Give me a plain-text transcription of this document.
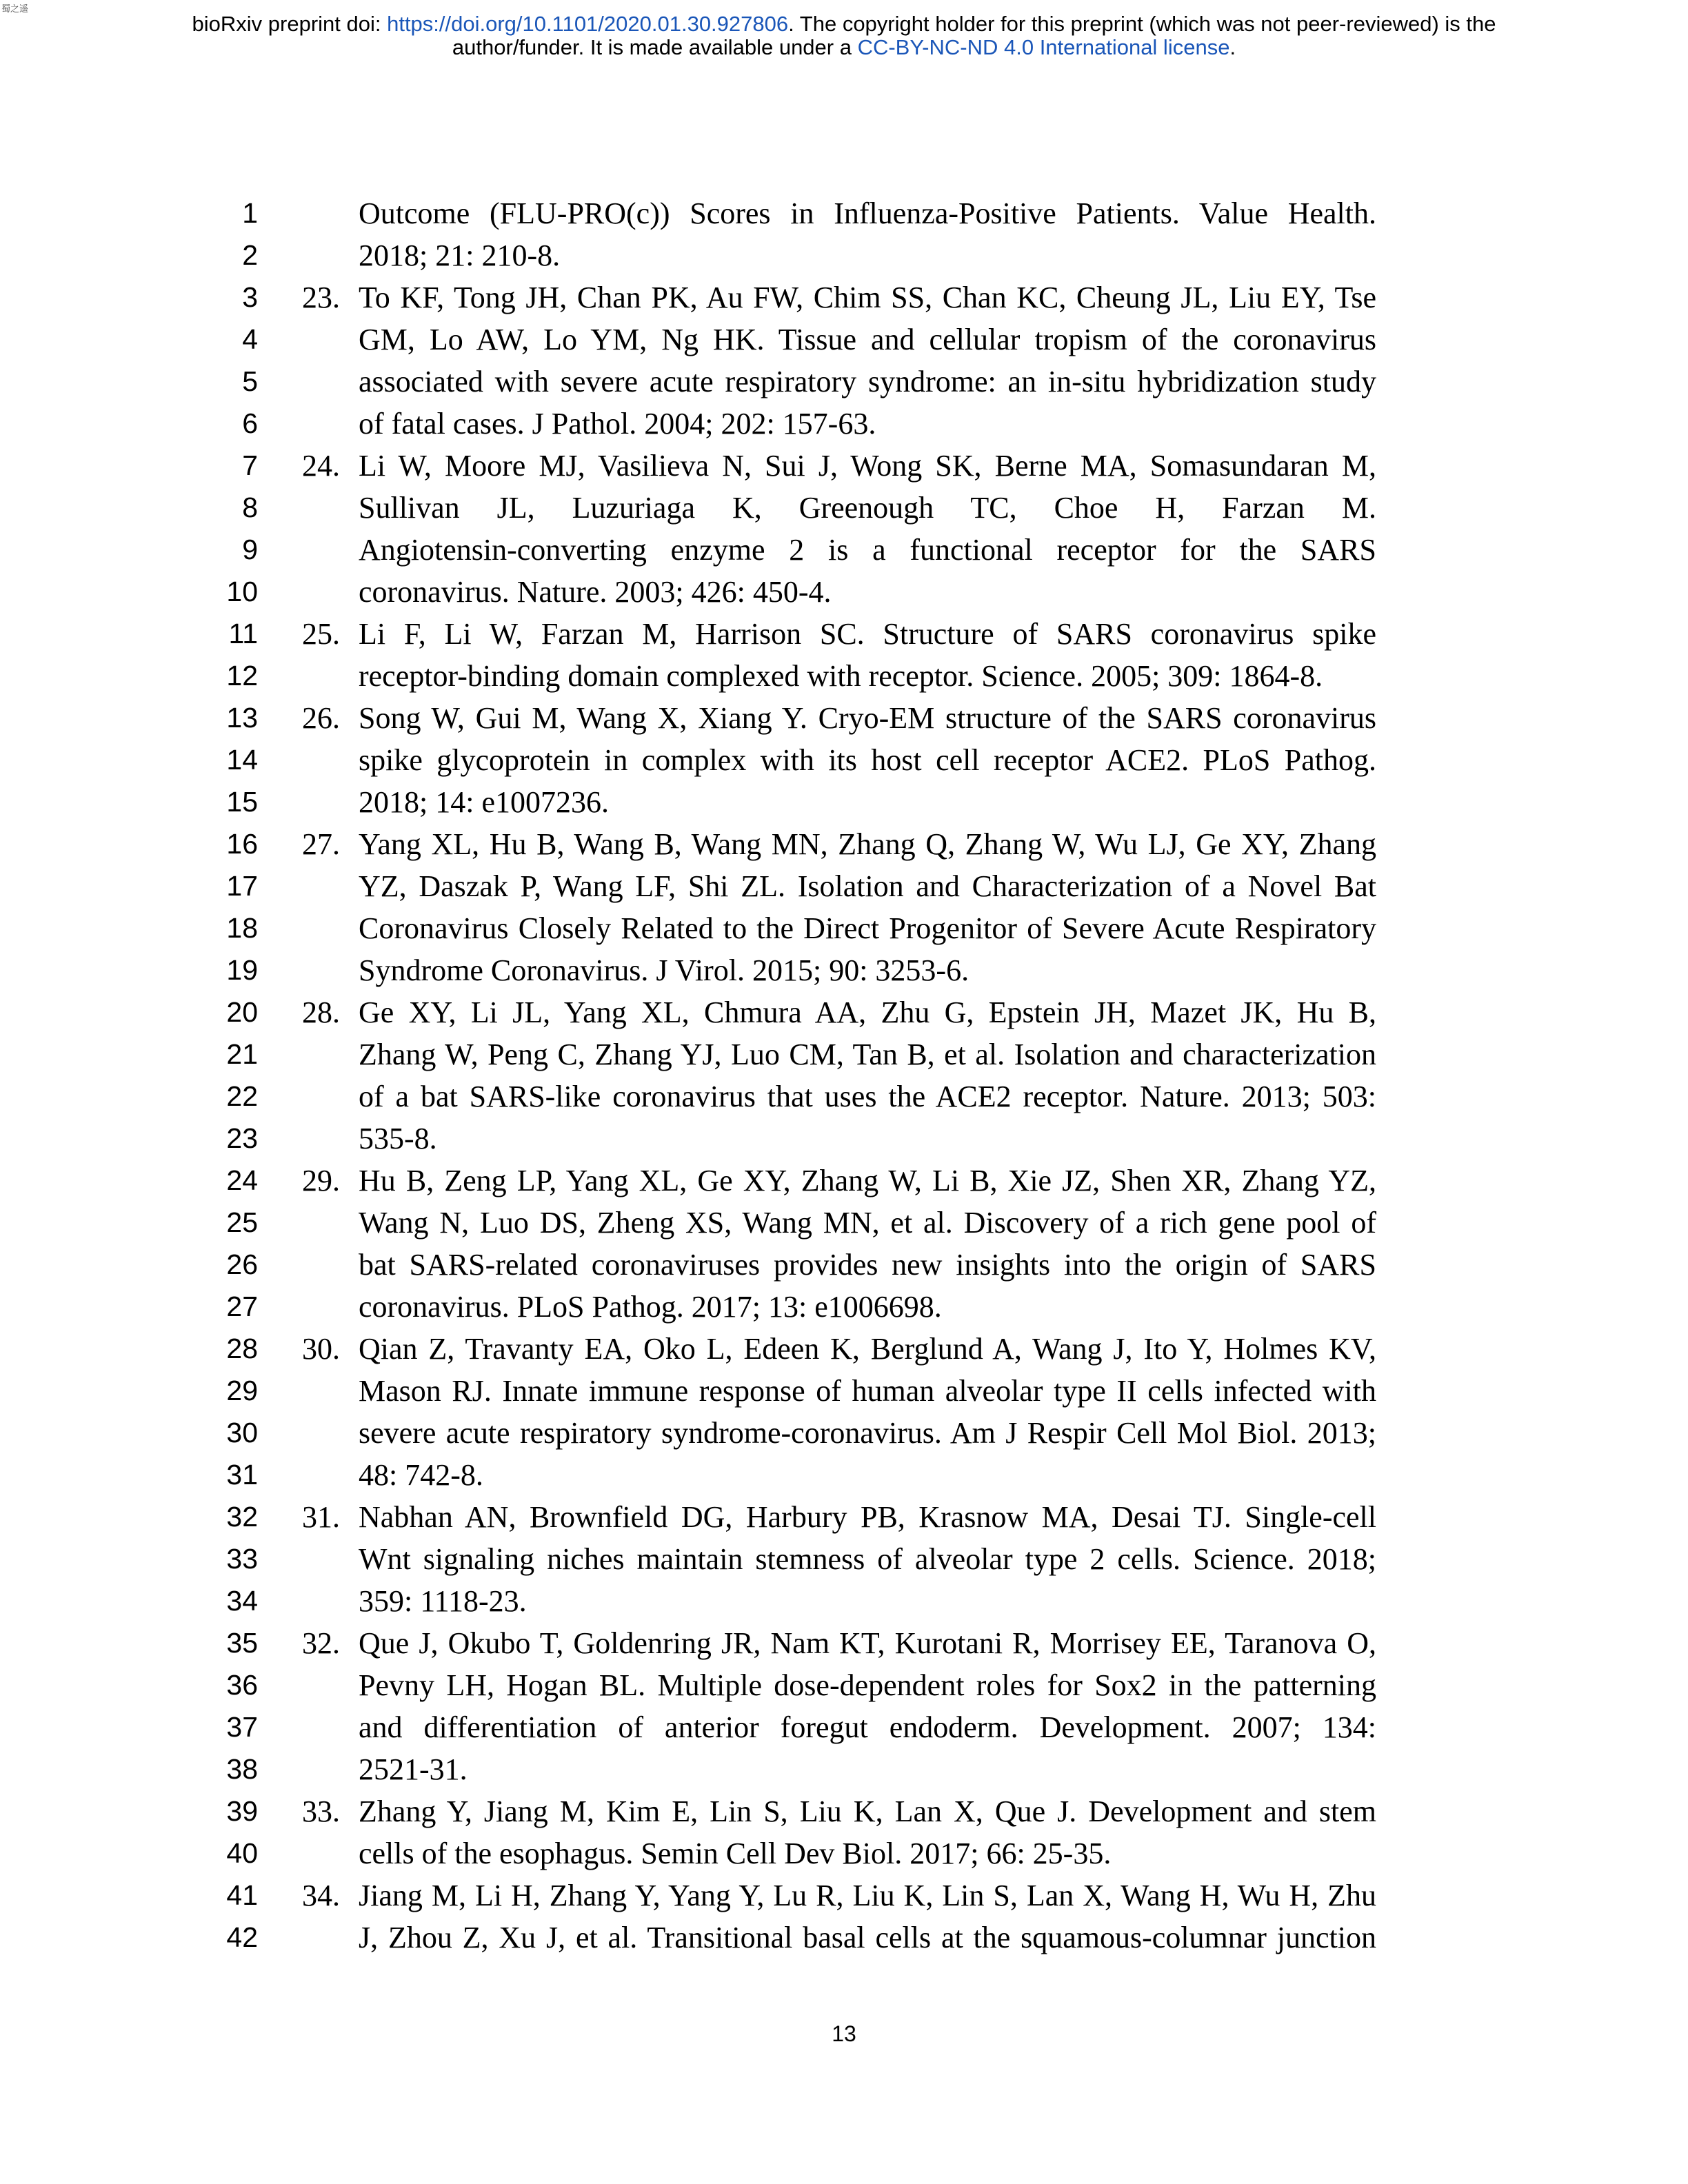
蜀之遥
bioRxiv preprint doi: https://doi.org/10.1101/2020.01.30.927806. The copyright holder for this preprint (which was not peer-reviewed) is the
author/funder. It is made available under a CC-BY-NC-ND 4.0 International license.
1	Outcome (FLU-PRO(c)) Scores in Influenza-Positive Patients. Value Health.
2	2018; 21: 210-8.
3 23. To KF, Tong JH, Chan PK, Au FW, Chim SS, Chan KC, Cheung JL, Liu EY, Tse
4	GM, Lo AW, Lo YM, Ng HK. Tissue and cellular tropism of the coronavirus
5	associated with severe acute respiratory syndrome: an in-situ hybridization study
6	of fatal cases. J Pathol. 2004; 202: 157-63.
7 24. Li W, Moore MJ, Vasilieva N, Sui J, Wong SK, Berne MA, Somasundaran M,
8	Sullivan JL, Luzuriaga K, Greenough TC, Choe H, Farzan M.
9	Angiotensin-converting enzyme 2 is a functional receptor for the SARS
10	coronavirus. Nature. 2003; 426: 450-4.
11 25. Li F, Li W, Farzan M, Harrison SC. Structure of SARS coronavirus spike
12	receptor-binding domain complexed with receptor. Science. 2005; 309: 1864-8.
13 26. Song W, Gui M, Wang X, Xiang Y. Cryo-EM structure of the SARS coronavirus
14	spike glycoprotein in complex with its host cell receptor ACE2. PLoS Pathog.
15	2018; 14: e1007236.
16 27. Yang XL, Hu B, Wang B, Wang MN, Zhang Q, Zhang W, Wu LJ, Ge XY, Zhang
17	YZ, Daszak P, Wang LF, Shi ZL. Isolation and Characterization of a Novel Bat
18	Coronavirus Closely Related to the Direct Progenitor of Severe Acute Respiratory
19	Syndrome Coronavirus. J Virol. 2015; 90: 3253-6.
20 28. Ge XY, Li JL, Yang XL, Chmura AA, Zhu G, Epstein JH, Mazet JK, Hu B,
21	Zhang W, Peng C, Zhang YJ, Luo CM, Tan B, et al. Isolation and characterization
22	of a bat SARS-like coronavirus that uses the ACE2 receptor. Nature. 2013; 503:
23	535-8.
24 29. Hu B, Zeng LP, Yang XL, Ge XY, Zhang W, Li B, Xie JZ, Shen XR, Zhang YZ,
25	Wang N, Luo DS, Zheng XS, Wang MN, et al. Discovery of a rich gene pool of
26	bat SARS-related coronaviruses provides new insights into the origin of SARS
27	coronavirus. PLoS Pathog. 2017; 13: e1006698.
28 30. Qian Z, Travanty EA, Oko L, Edeen K, Berglund A, Wang J, Ito Y, Holmes KV,
29	Mason RJ. Innate immune response of human alveolar type II cells infected with
30	severe acute respiratory syndrome-coronavirus. Am J Respir Cell Mol Biol. 2013;
31	48: 742-8.
32 31. Nabhan AN, Brownfield DG, Harbury PB, Krasnow MA, Desai TJ. Single-cell
33	Wnt signaling niches maintain stemness of alveolar type 2 cells. Science. 2018;
34	359: 1118-23.
35 32. Que J, Okubo T, Goldenring JR, Nam KT, Kurotani R, Morrisey EE, Taranova O,
36	Pevny LH, Hogan BL. Multiple dose-dependent roles for Sox2 in the patterning
37	and differentiation of anterior foregut endoderm. Development. 2007; 134:
38	2521-31.
39 33. Zhang Y, Jiang M, Kim E, Lin S, Liu K, Lan X, Que J. Development and stem
40	cells of the esophagus. Semin Cell Dev Biol. 2017; 66: 25-35.
41 34. Jiang M, Li H, Zhang Y, Yang Y, Lu R, Liu K, Lin S, Lan X, Wang H, Wu H, Zhu
42	J, Zhou Z, Xu J, et al. Transitional basal cells at the squamous-columnar junction
13
